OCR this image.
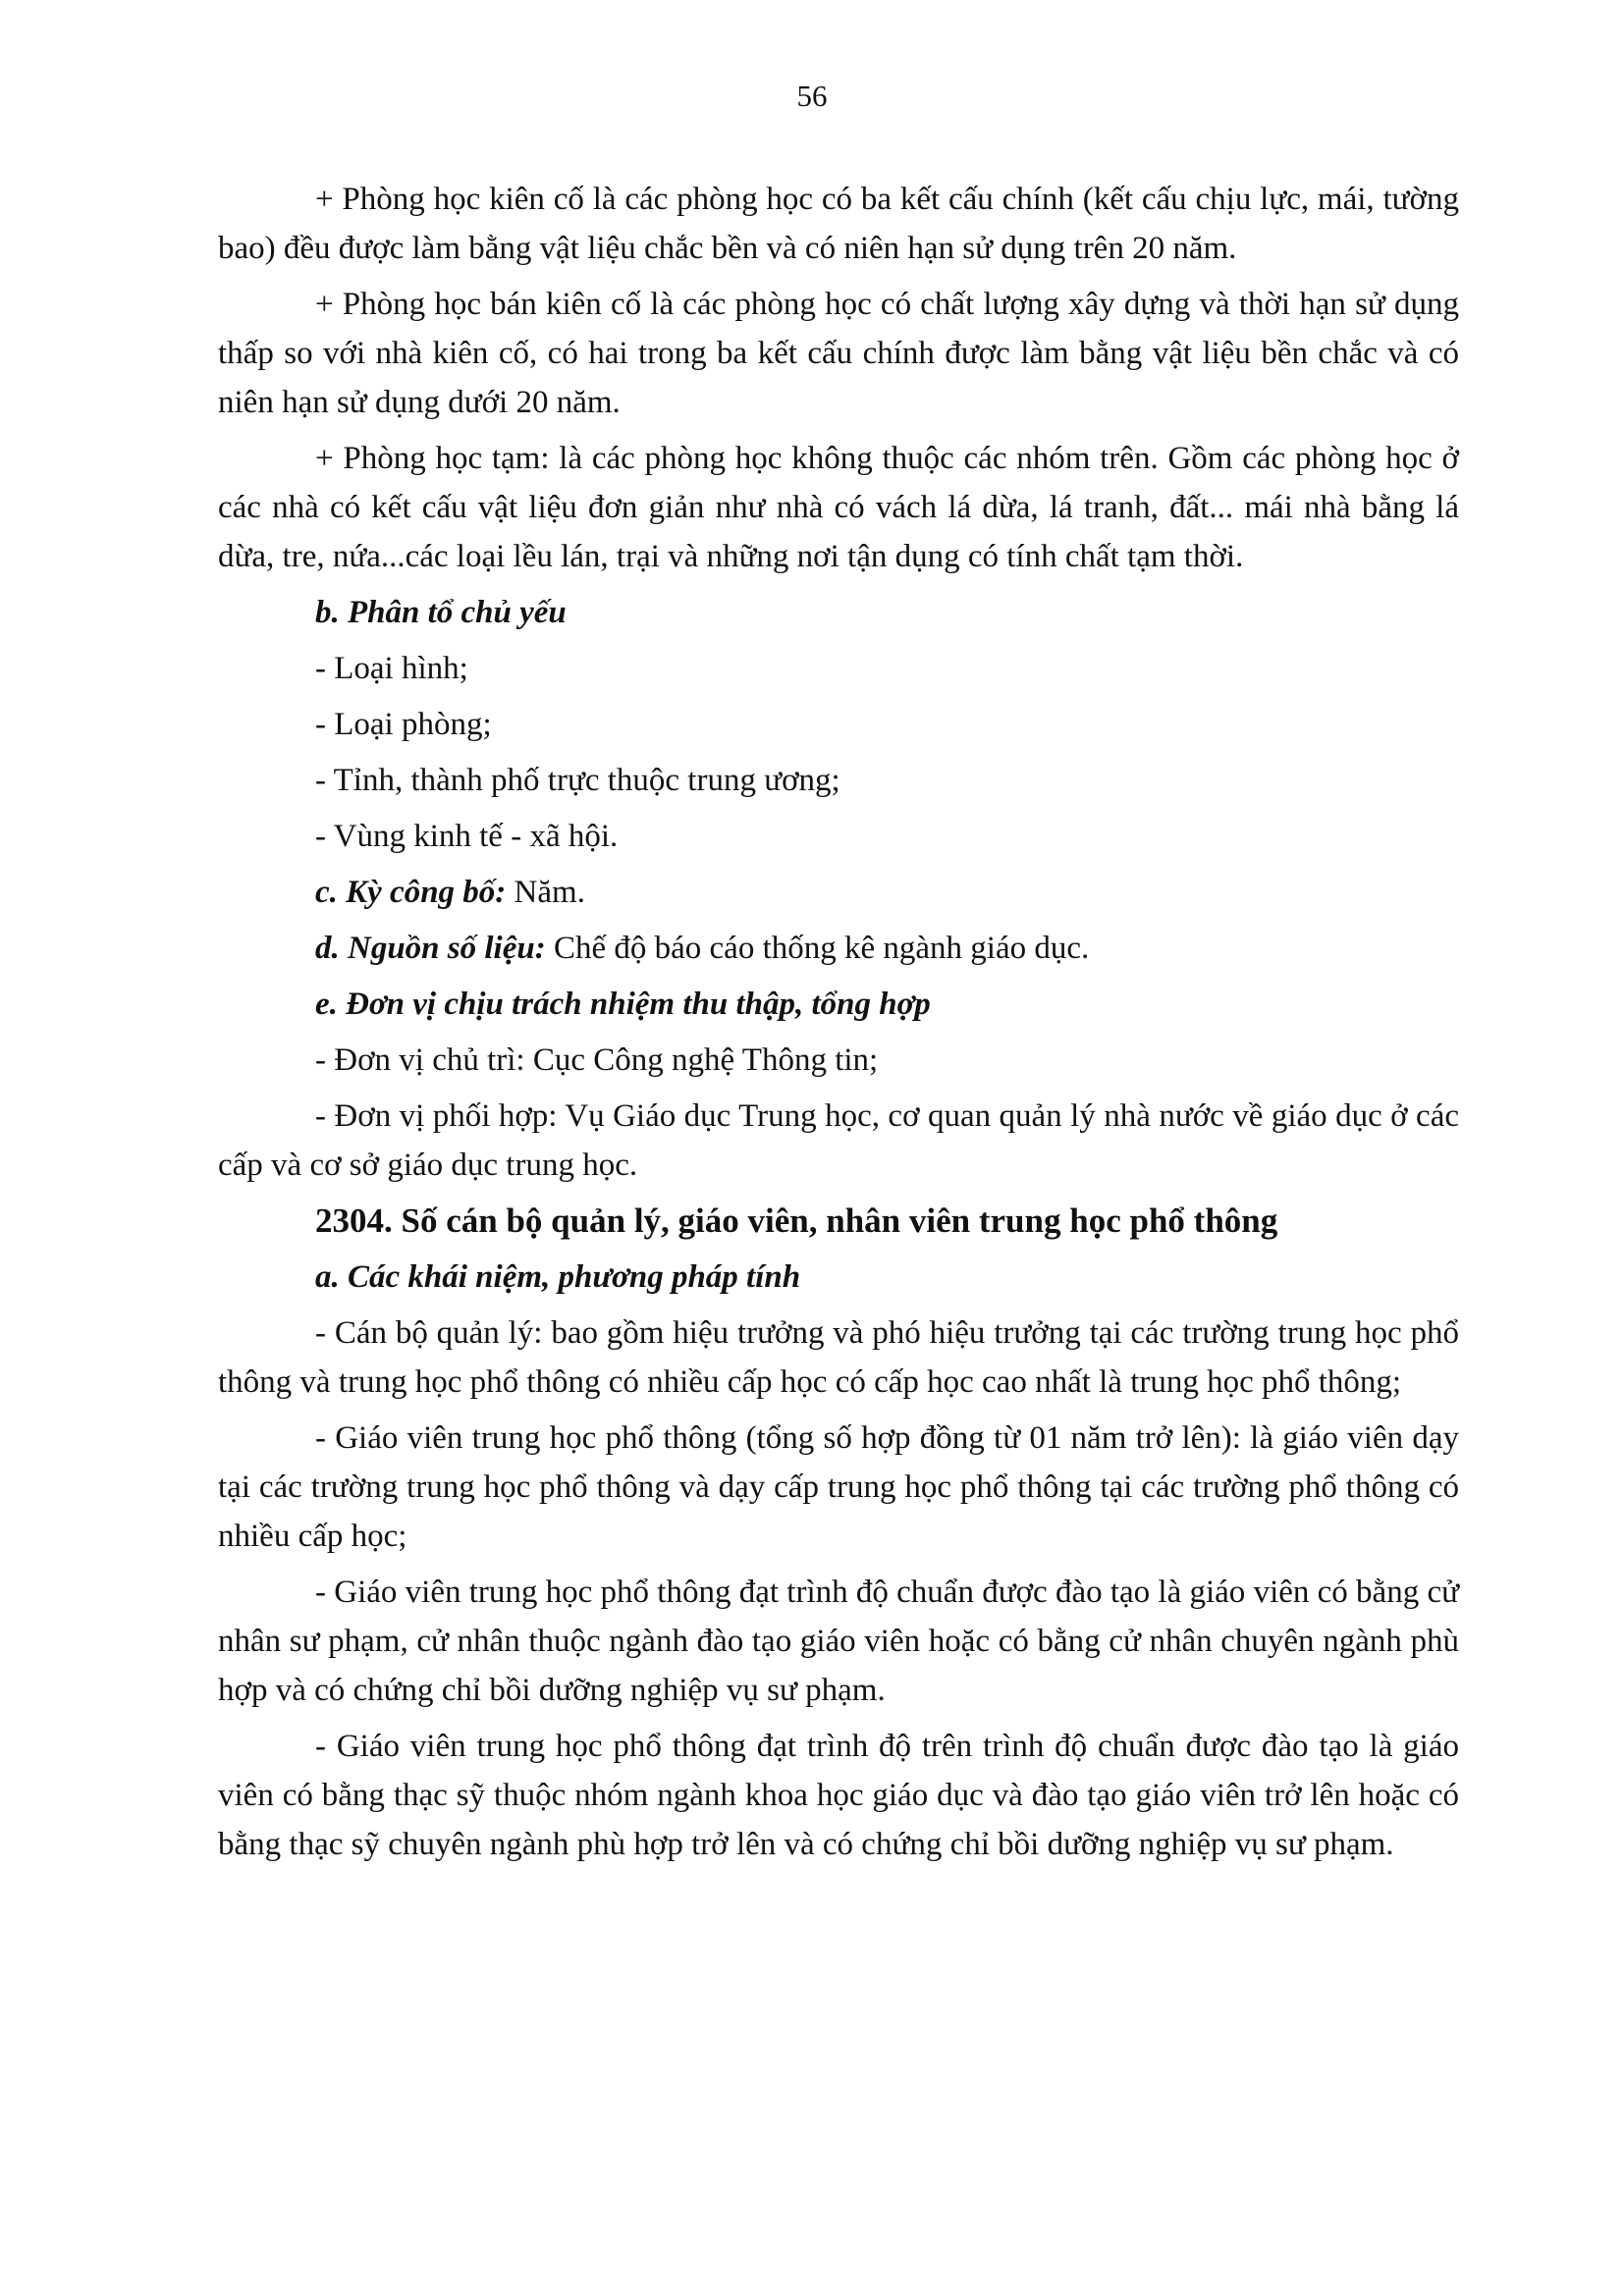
56

+ Phòng học kiên cố là các phòng học có ba kết cấu chính (kết cấu chịu lực, mái, tường bao) đều được làm bằng vật liệu chắc bền và có niên hạn sử dụng trên 20 năm.

+ Phòng học bán kiên cố là các phòng học có chất lượng xây dựng và thời hạn sử dụng thấp so với nhà kiên cố, có hai trong ba kết cấu chính được làm bằng vật liệu bền chắc và có niên hạn sử dụng dưới 20 năm.

+ Phòng học tạm: là các phòng học không thuộc các nhóm trên. Gồm các phòng học ở các nhà có kết cấu vật liệu đơn giản như nhà có vách lá dừa, lá tranh, đất... mái nhà bằng lá dừa, tre, nứa...các loại lều lán, trại và những nơi tận dụng có tính chất tạm thời.

b. Phân tổ chủ yếu

- Loại hình;

- Loại phòng;

- Tỉnh, thành phố trực thuộc trung ương;

- Vùng kinh tế - xã hội.

c. Kỳ công bố: Năm.

d. Nguồn số liệu: Chế độ báo cáo thống kê ngành giáo dục.

e. Đơn vị chịu trách nhiệm thu thập, tổng hợp

- Đơn vị chủ trì: Cục Công nghệ Thông tin;

- Đơn vị phối hợp: Vụ Giáo dục Trung học, cơ quan quản lý nhà nước về giáo dục ở các cấp và cơ sở giáo dục trung học.

2304. Số cán bộ quản lý, giáo viên, nhân viên trung học phổ thông

a. Các khái niệm, phương pháp tính

- Cán bộ quản lý: bao gồm hiệu trưởng và phó hiệu trưởng tại các trường trung học phổ thông và trung học phổ thông có nhiều cấp học có cấp học cao nhất là trung học phổ thông;

- Giáo viên trung học phổ thông (tổng số hợp đồng từ 01 năm trở lên): là giáo viên dạy tại các trường trung học phổ thông và dạy cấp trung học phổ thông tại các trường phổ thông có nhiều cấp học;

- Giáo viên trung học phổ thông đạt trình độ chuẩn được đào tạo là giáo viên có bằng cử nhân sư phạm, cử nhân thuộc ngành đào tạo giáo viên hoặc có bằng cử nhân chuyên ngành phù hợp và có chứng chỉ bồi dưỡng nghiệp vụ sư phạm.

- Giáo viên trung học phổ thông đạt trình độ trên trình độ chuẩn được đào tạo là giáo viên có bằng thạc sỹ thuộc nhóm ngành khoa học giáo dục và đào tạo giáo viên trở lên hoặc có bằng thạc sỹ chuyên ngành phù hợp trở lên và có chứng chỉ bồi dưỡng nghiệp vụ sư phạm.
